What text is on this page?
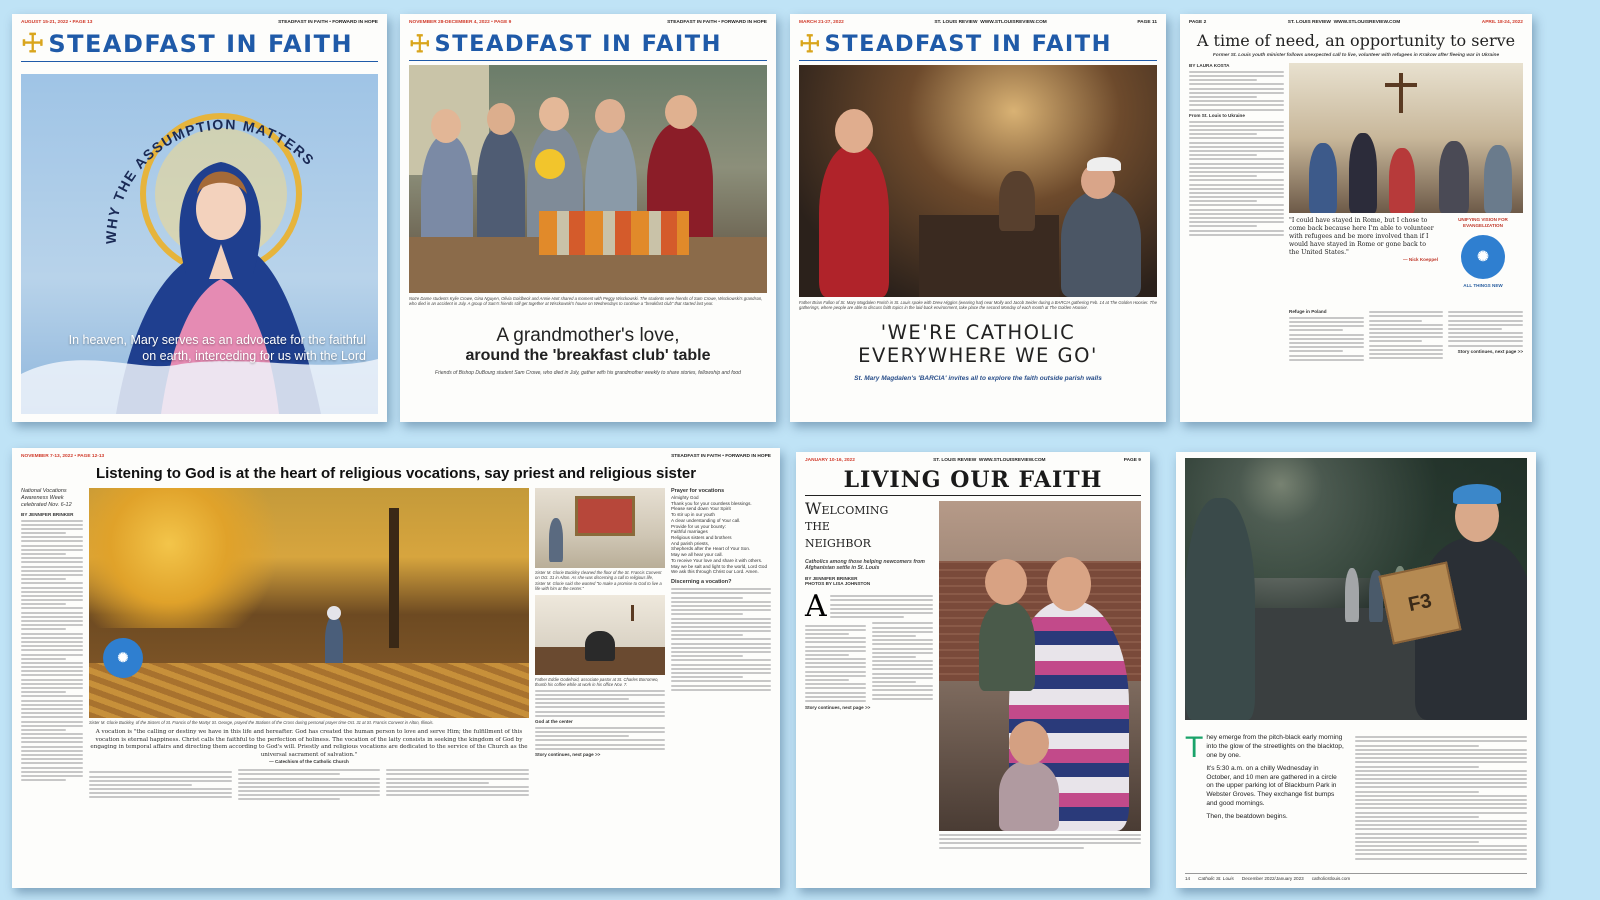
AUGUST 15-21, 2022 • PAGE 13	STEADFAST IN FAITH • FORWARD IN HOPE
☩ STEADFAST IN FAITH
WHY THE ASSUMPTION MATTERS
In heaven, Mary serves as an advocate for the faithful on earth, interceding for us with the Lord
NOVEMBER 28-DECEMBER 4, 2022 • PAGE 9	STEADFAST IN FAITH • FORWARD IN HOPE
☩ STEADFAST IN FAITH
Notre Dame students Kylie Crowe, Gina Nguyen, Olivia Goldbeck and Annie Hart shared a moment with Peggy Wisckowski. The students were friends of Sam Crowe, Wisckowski's grandson, who died in an accident in July. A group of Sam's friends still get together at Wisckowski's house on Wednesdays to continue a "breakfast club" that started last year.
A grandmother's love,
around the 'breakfast club' table
Friends of Bishop DuBourg student Sam Crowe, who died in July, gather with his grandmother weekly to share stories, fellowship and food
MARCH 21-27, 2022	ST. LOUIS REVIEW WWW.STLOUISREVIEW.COM	PAGE 11
☩ STEADFAST IN FAITH
Father Brian Fallon of St. Mary Magdalen Parish in St. Louis spoke with Drew Higgins (wearing hat) near Molly and Jacob Seider during a BARCIA gathering Feb. 14 at The Golden Hoosier. The gatherings, where people are able to discuss faith topics in the laid-back environment, take place the second Monday of each month at The Golden Hoosier.
'WE'RE CATHOLIC EVERYWHERE WE GO'
St. Mary Magdalen's 'BARCIA' invites all to explore the faith outside parish walls
PAGE 2	ST. LOUIS REVIEW WWW.STLOUISREVIEW.COM	APRIL 18-24, 2022
A time of need, an opportunity to serve
Former St. Louis youth minister follows unexpected call to live, volunteer with refugees in Krakow after fleeing war in Ukraine
BY LAURA KOSTA
From St. Louis to Ukraine
"I could have stayed in Rome, but I chose to come back because here I'm able to volunteer with refugees and be more involved than if I would have stayed in Rome or gone back to the United States."
— Nick Koeppel
UNIFYING VISION FOR EVANGELIZATION
✺
ALL THINGS NEW
Refuge in Poland
Story continues, next page >>
NOVEMBER 7-13, 2022 • PAGE 12-13	STEADFAST IN FAITH • FORWARD IN HOPE
Listening to God is at the heart of religious vocations, say priest and religious sister
National Vocations Awareness Week celebrated Nov. 6-12
BY JENNIFER BRINKER
✺
Sister M. Glorie Buckley, of the Sisters of St. Francis of the Martyr St. George, prayed the Stations of the Cross during personal prayer time Oct. 31 at St. Francis Convent in Alton, Illinois.
A vocation is "the calling or destiny we have in this life and hereafter. God has created the human person to love and serve Him; the fulfillment of this vocation is eternal happiness. Christ calls the faithful to the perfection of holiness. The vocation of the laity consists in seeking the kingdom of God by engaging in temporal affairs and directing them according to God's will. Priestly and religious vocations are dedicated to the service of the Church as the universal sacrament of salvation."
— Catechism of the Catholic Church
Sister M. Glorie Buckley cleaned the floor of the St. Francis Convent on Oct. 31 in Alton. As she was discerning a call to religious life, Sister M. Glorie said she wanted "to make a promise to God to live a life with him at the center."
Father Eddie Godefroid, associate pastor at St. Charles Borromeo, thumb his coffee while at work in his office Nov. 7.
God at the center
Story continues, next page >>
Prayer for vocations
Almighty God
Thank you for your countless blessings.
Please send down Your Spirit
To stir up in our youth
A clear understanding of Your call.
Provide for us your bounty:
Faithful marriages
Religious sisters and brothers
And parish priests,
Shepherds after the Heart of Your Son.
May we all hear your call.
To receive Your love and share it with others.
May we be salt and light to the world, Lord God
We ask this through Christ our Lord. Amen.
Discerning a vocation?
JANUARY 10-16, 2022	ST. LOUIS REVIEW WWW.STLOUISREVIEW.COM	PAGE 9
LIVING OUR FAITH
Welcoming
the
neighbor
Catholics among those helping newcomers from Afghanistan settle in St. Louis
BY JENNIFER BRINKER
PHOTOS BY LISA JOHNSTON
A
Story continues, next page >>
F3
T hey emerge from the pitch-black early morning into the glow of the streetlights on the blacktop, one by one.
It's 5:30 a.m. on a chilly Wednesday in October, and 10 men are gathered in a circle on the upper parking lot of Blackburn Park in Webster Groves. They exchange fist bumps and good mornings.
Then, the beatdown begins.
14 Catholic St. Louis December 2022/January 2023 catholicstlouis.com
